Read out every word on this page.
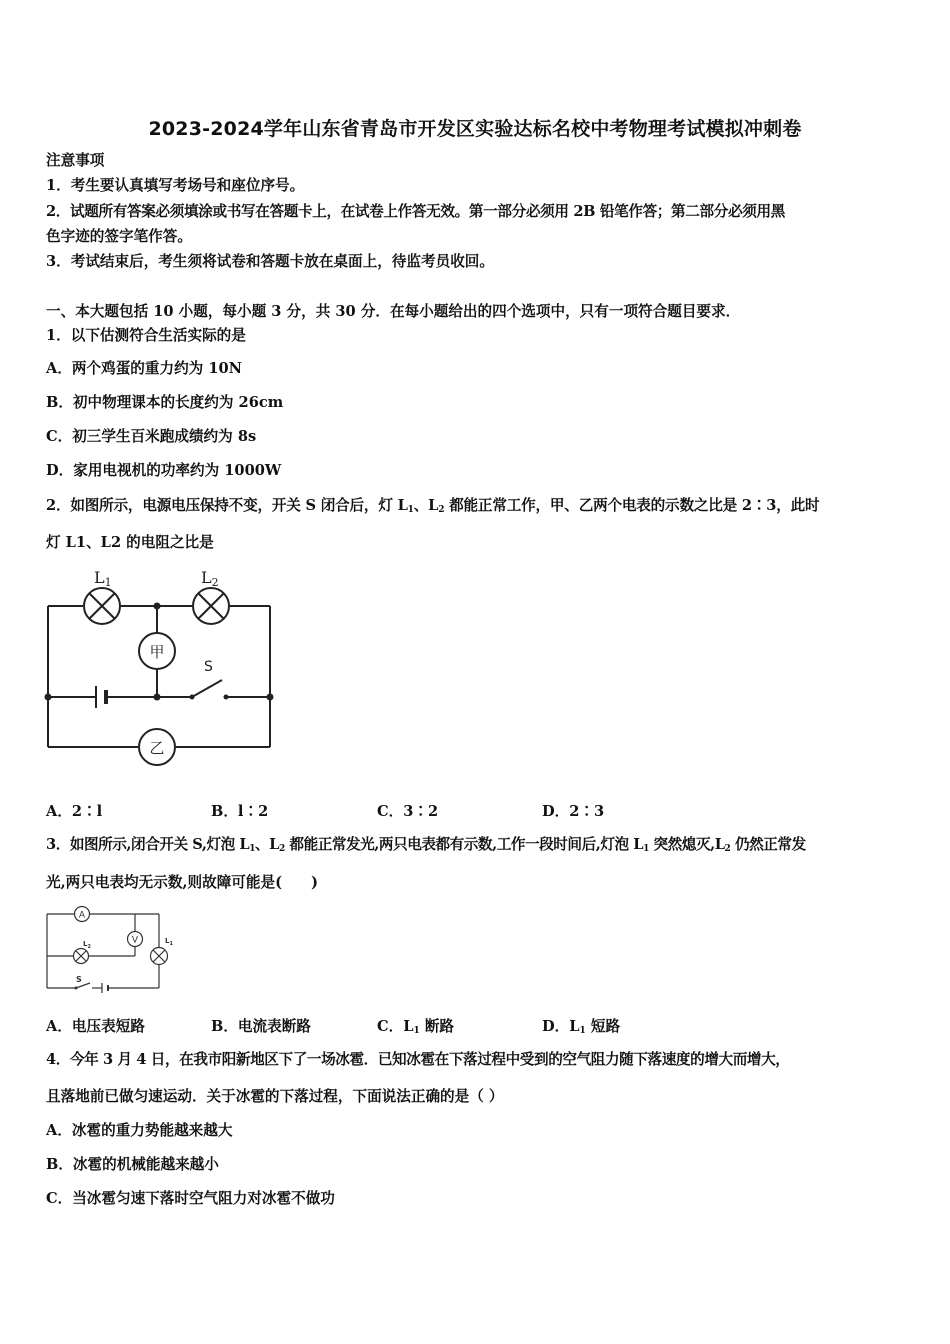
2023-2024学年山东省青岛市开发区实验达标名校中考物理考试模拟冲刺卷
注意事项
1．考生要认真填写考场号和座位序号。
2．试题所有答案必须填涂或书写在答题卡上，在试卷上作答无效。第一部分必须用 2B 铅笔作答；第二部分必须用黑
色字迹的签字笔作答。
3．考试结束后，考生须将试卷和答题卡放在桌面上，待监考员收回。
一、本大题包括 10 小题，每小题 3 分，共 30 分．在每小题给出的四个选项中，只有一项符合题目要求．
1．以下估测符合生活实际的是
A．两个鸡蛋的重力约为 10N
B．初中物理课本的长度约为 26cm
C．初三学生百米跑成绩约为 8s
D．家用电视机的功率约为 1000W
2．如图所示，电源电压保持不变，开关 S 闭合后，灯 $L_1$、$L_2$ 都能正常工作，甲、乙两个电表的示数之比是 2∶3，此时
灯 L1、L2 的电阻之比是
S
L1	L2
甲
乙
A．2∶l	B．l∶2	C．3∶2	D．2∶3
3．如图所示,闭合开关 S,灯泡 $L_1$、$L_2$ 都能正常发光,两只电表都有示数,工作一段时间后,灯泡 $L_1$ 突然熄灭$,L_2$ 仍然正常发
光,两只电表均无示数,则故障可能是(　　)
S
A
V
$L_2$
$L_1$
A．电压表短路	B．电流表断路	C．$L_1$ 断路	D．$L_1$ 短路
4．今年 3 月 4 日，在我市阳新地区下了一场冰雹．已知冰雹在下落过程中受到的空气阻力随下落速度的增大而增大，
且落地前已做匀速运动．关于冰雹的下落过程，下面说法正确的是（ ）
A．冰雹的重力势能越来越大
B．冰雹的机械能越来越小
C．当冰雹匀速下落时空气阻力对冰雹不做功
